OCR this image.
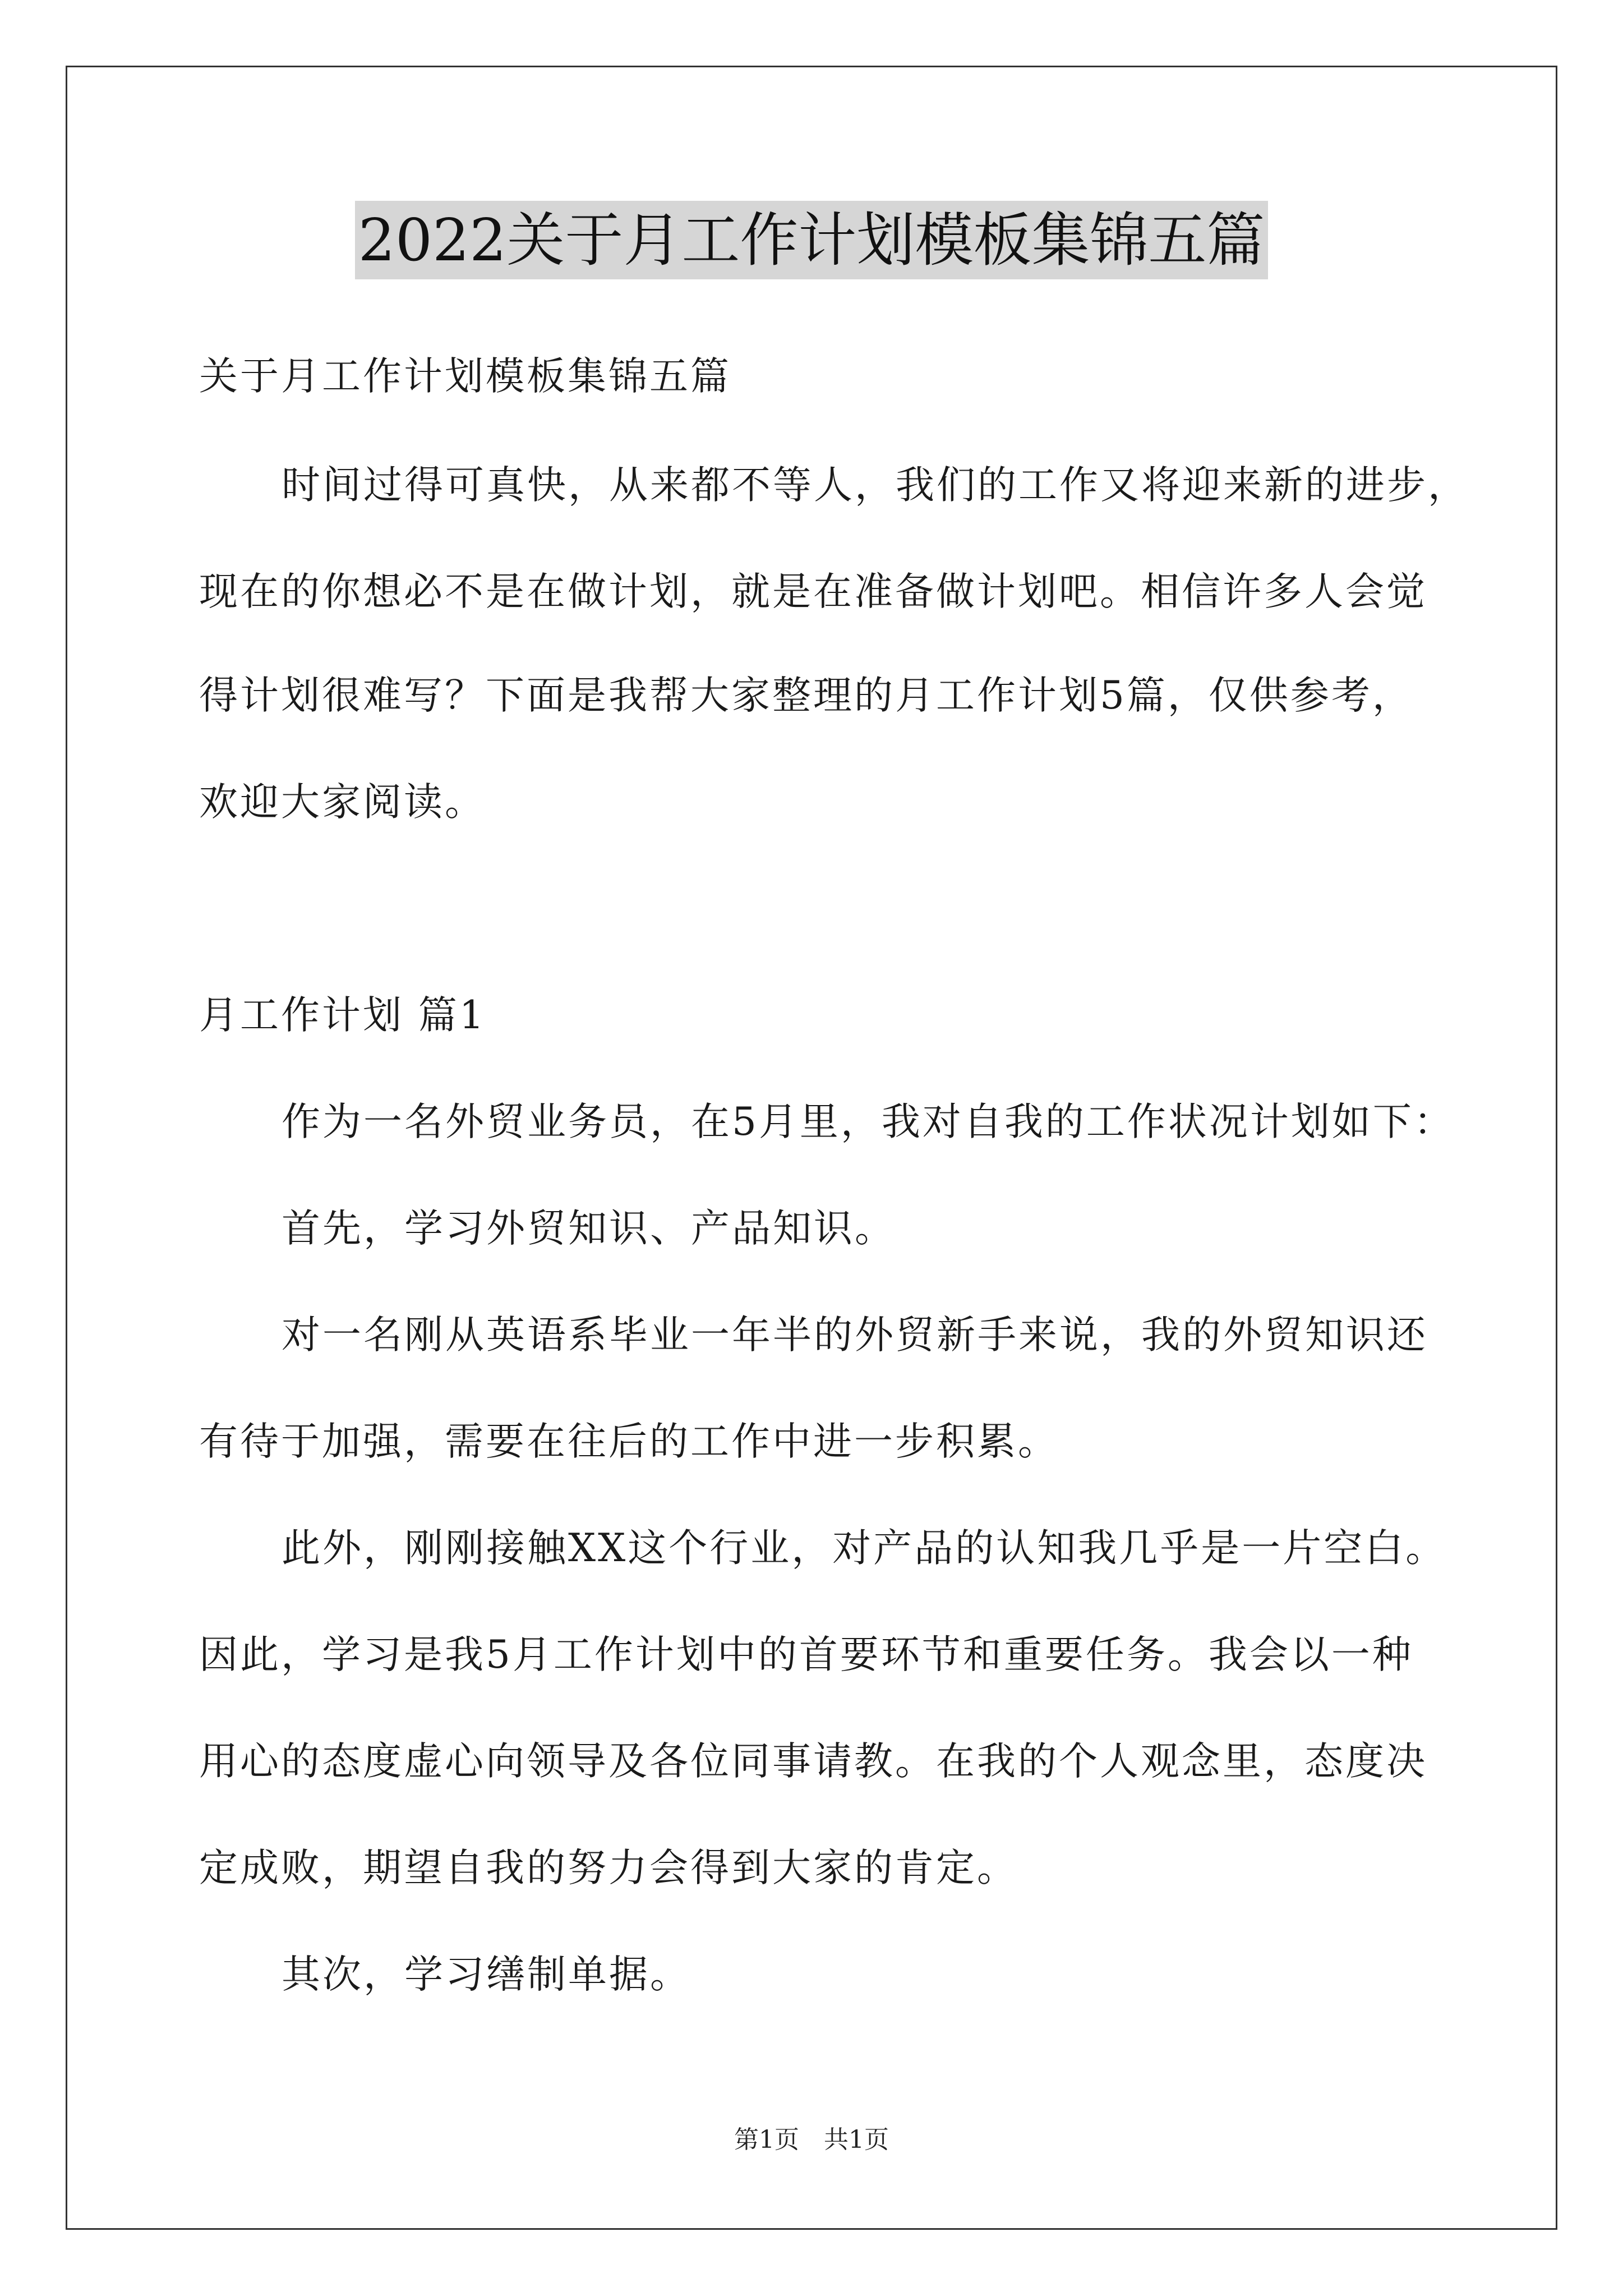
2022关于月工作计划模板集锦五篇
关于月工作计划模板集锦五篇
时间过得可真快，从来都不等人，我们的工作又将迎来新的进步，
现在的你想必不是在做计划，就是在准备做计划吧。相信许多人会觉
得计划很难写？下面是我帮大家整理的月工作计划5篇，仅供参考，
欢迎大家阅读。
月工作计划 篇1
作为一名外贸业务员，在5月里，我对自我的工作状况计划如下：
首先，学习外贸知识、产品知识。
对一名刚从英语系毕业一年半的外贸新手来说，我的外贸知识还
有待于加强，需要在往后的工作中进一步积累。
此外，刚刚接触XX这个行业，对产品的认知我几乎是一片空白。
因此，学习是我5月工作计划中的首要环节和重要任务。我会以一种
用心的态度虚心向领导及各位同事请教。在我的个人观念里，态度决
定成败，期望自我的努力会得到大家的肯定。
其次，学习缮制单据。
第1页 共1页
